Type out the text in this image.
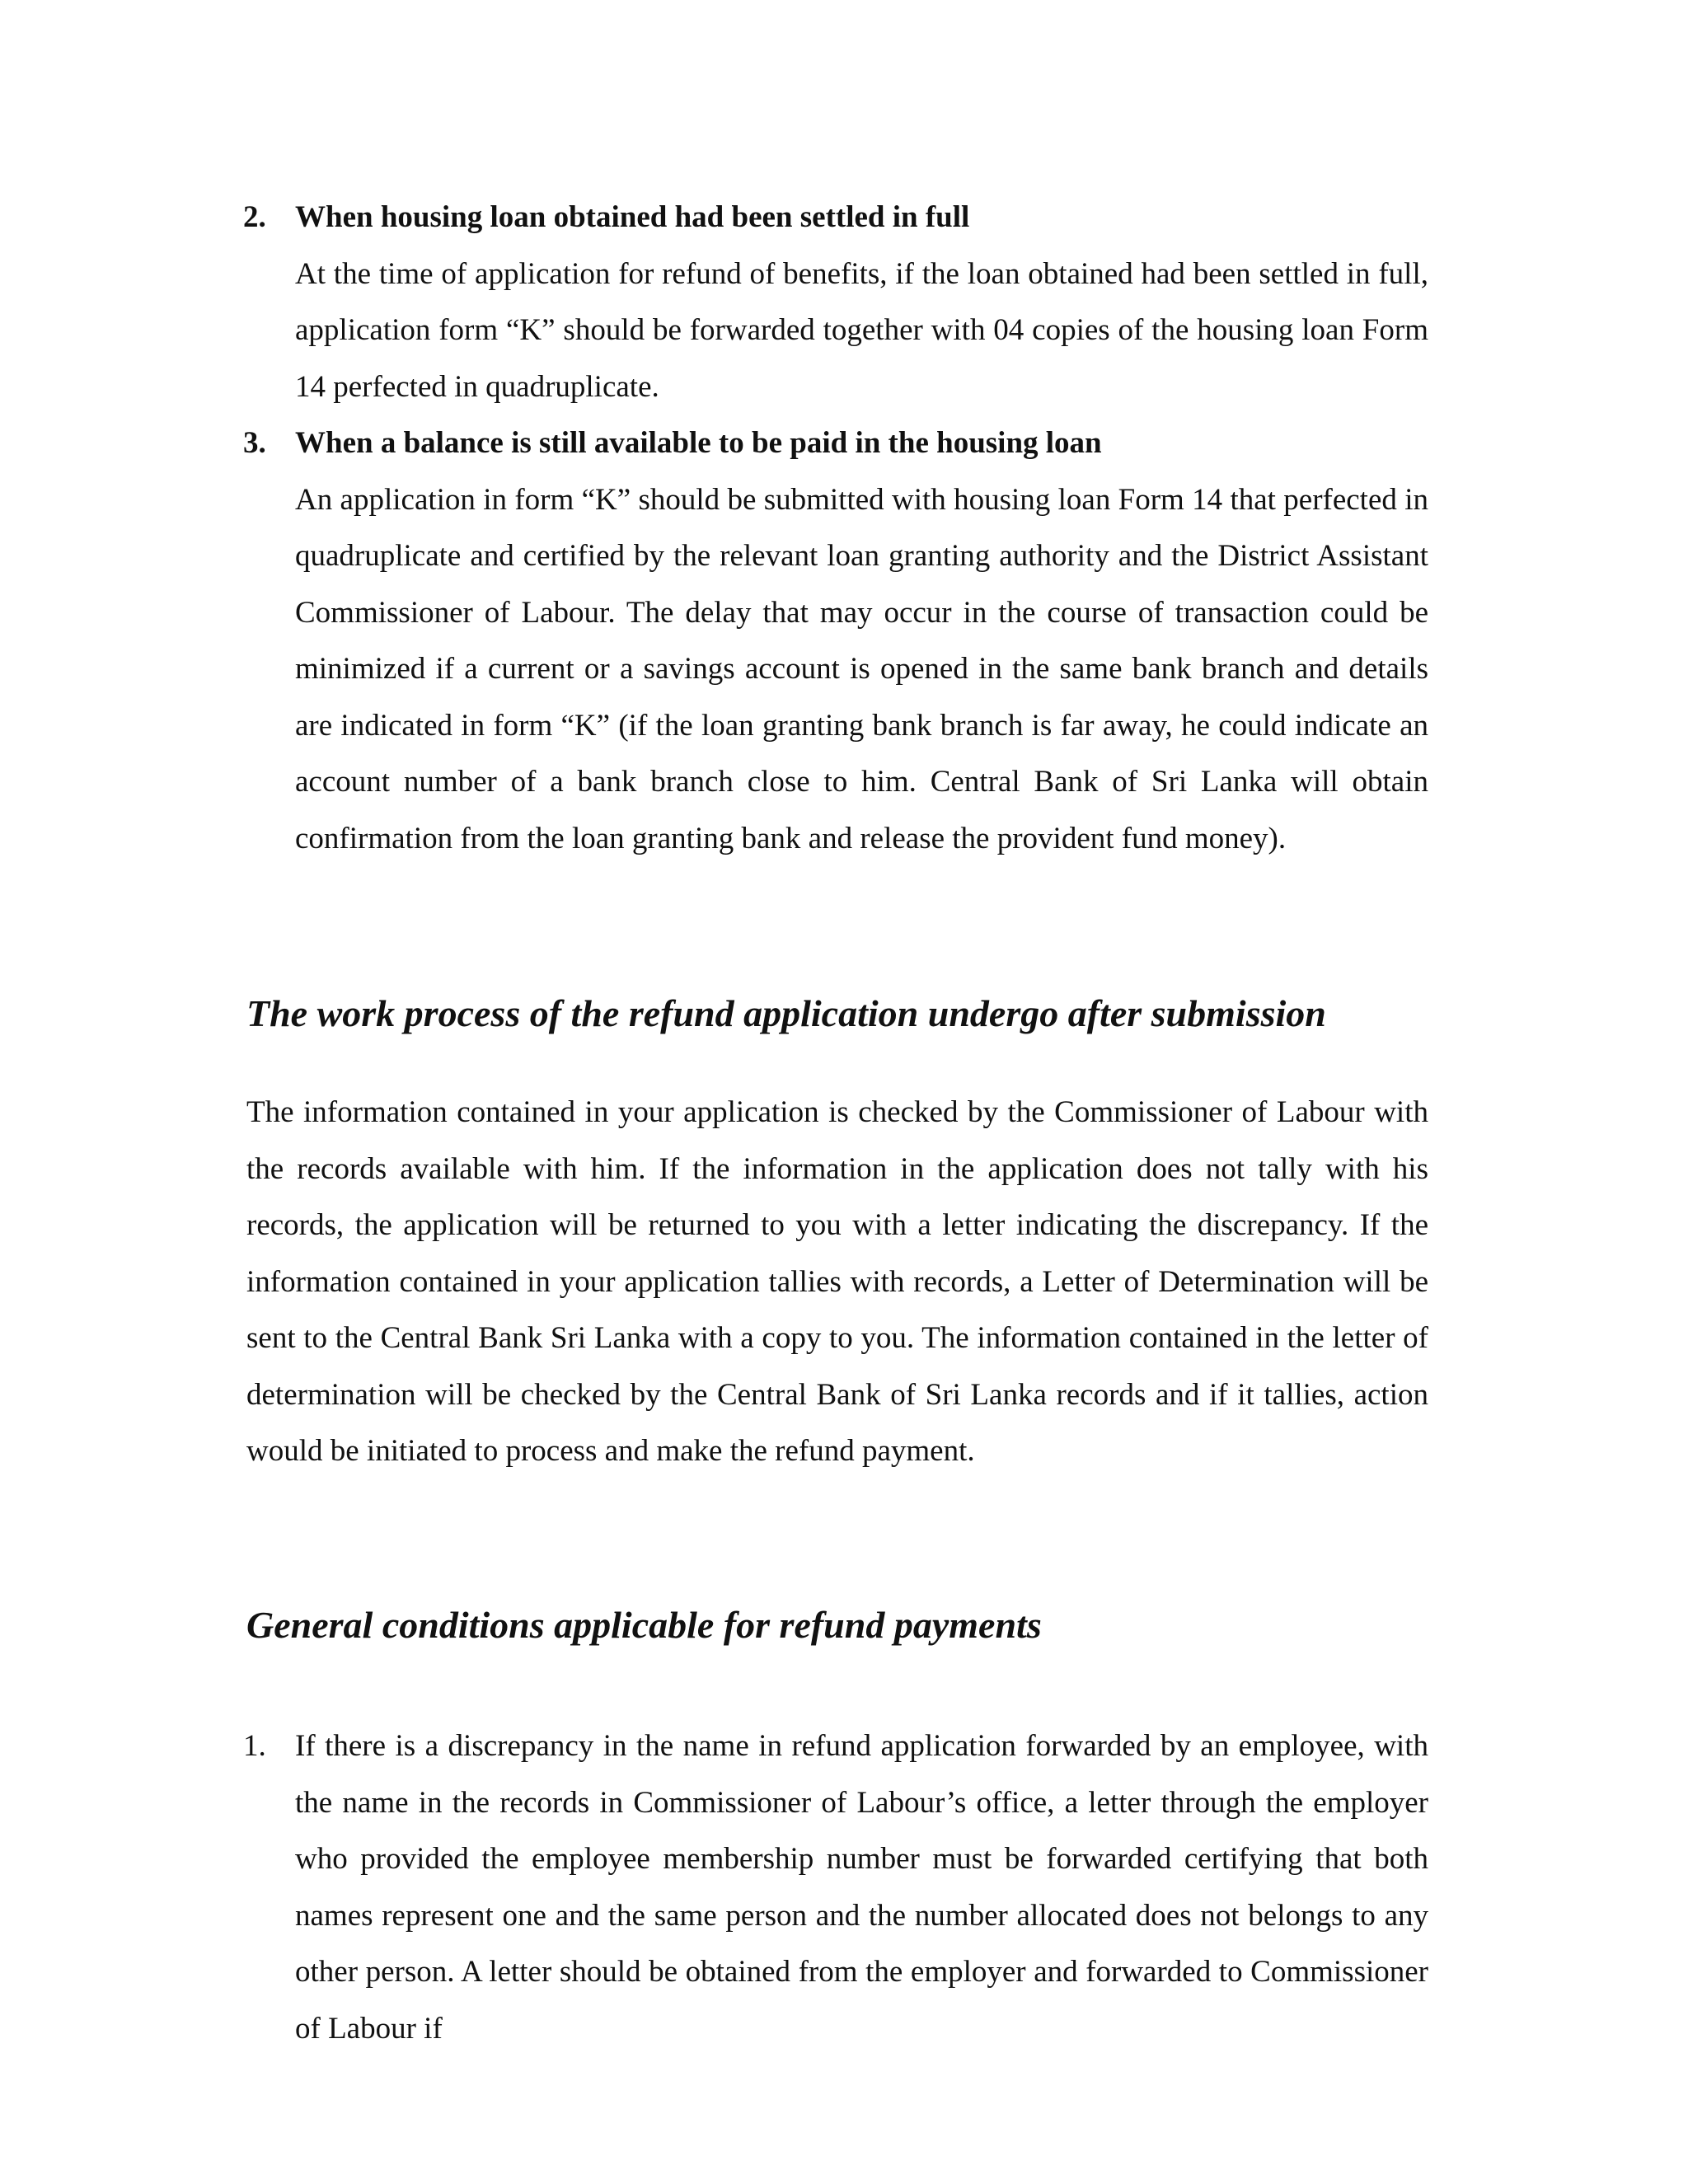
2. When housing loan obtained had been settled in full

At the time of application for refund of benefits, if the loan obtained had been settled in full, application form “K” should be forwarded together with 04 copies of the housing loan Form 14 perfected in quadruplicate.

3. When a balance is still available to be paid in the housing loan

An application in form “K” should be submitted with housing loan Form 14 that perfected in quadruplicate and certified by the relevant loan granting authority and the District Assistant Commissioner of Labour. The delay that may occur in the course of transaction could be minimized if a current or a savings account is opened in the same bank branch and details are indicated in form “K” (if the loan granting bank branch is far away, he could indicate an account number of a bank branch close to him. Central Bank of Sri Lanka will obtain confirmation from the loan granting bank and release the provident fund money).

The work process of the refund application undergo after submission

The information contained in your application is checked by the Commissioner of Labour with the records available with him. If the information in the application does not tally with his records, the application will be returned to you with a letter indicating the discrepancy. If the information contained in your application tallies with records, a Letter of Determination will be sent to the Central Bank Sri Lanka with a copy to you. The information contained in the letter of determination will be checked by the Central Bank of Sri Lanka records and if it tallies, action would be initiated to process and make the refund payment.

General conditions applicable for refund payments
1. If there is a discrepancy in the name in refund application forwarded by an employee, with the name in the records in Commissioner of Labour’s office, a letter through the employer who provided the employee membership number must be forwarded certifying that both names represent one and the same person and the number allocated does not belongs to any other person. A letter should be obtained from the employer and forwarded to Commissioner of Labour if
